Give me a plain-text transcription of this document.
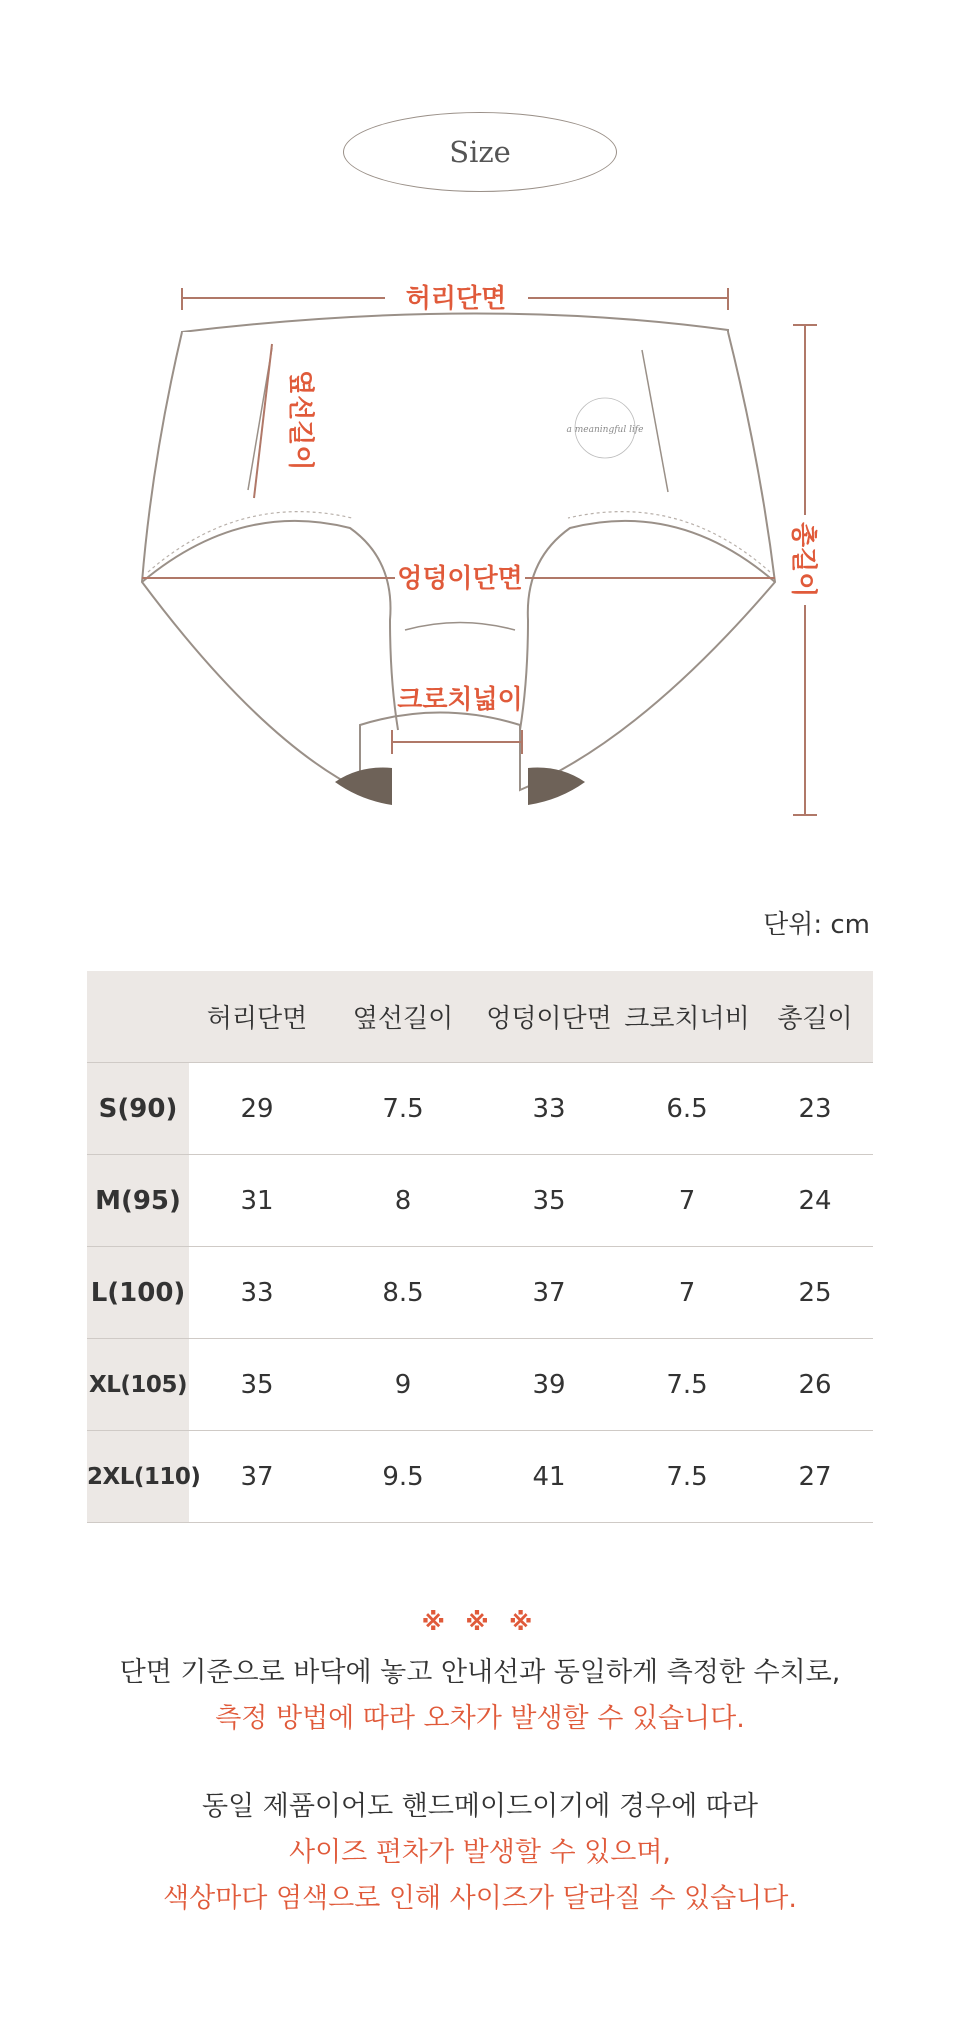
Size
a meaningful life
허리단면
옆선길이
엉덩이단면
크로치넓이
총길이
단위: cm
	허리단면	옆선길이	엉덩이단면	크로치너비	총길이
S(90)	29	7.5	33	6.5	23
M(95)	31	8	35	7	24
L(100)	33	8.5	37	7	25
XL(105)	35	9	39	7.5	26
2XL(110)	37	9.5	41	7.5	27
※ ※ ※
단면 기준으로 바닥에 놓고 안내선과 동일하게 측정한 수치로,
측정 방법에 따라 오차가 발생할 수 있습니다.
동일 제품이어도 핸드메이드이기에 경우에 따라
사이즈 편차가 발생할 수 있으며,
색상마다 염색으로 인해 사이즈가 달라질 수 있습니다.
